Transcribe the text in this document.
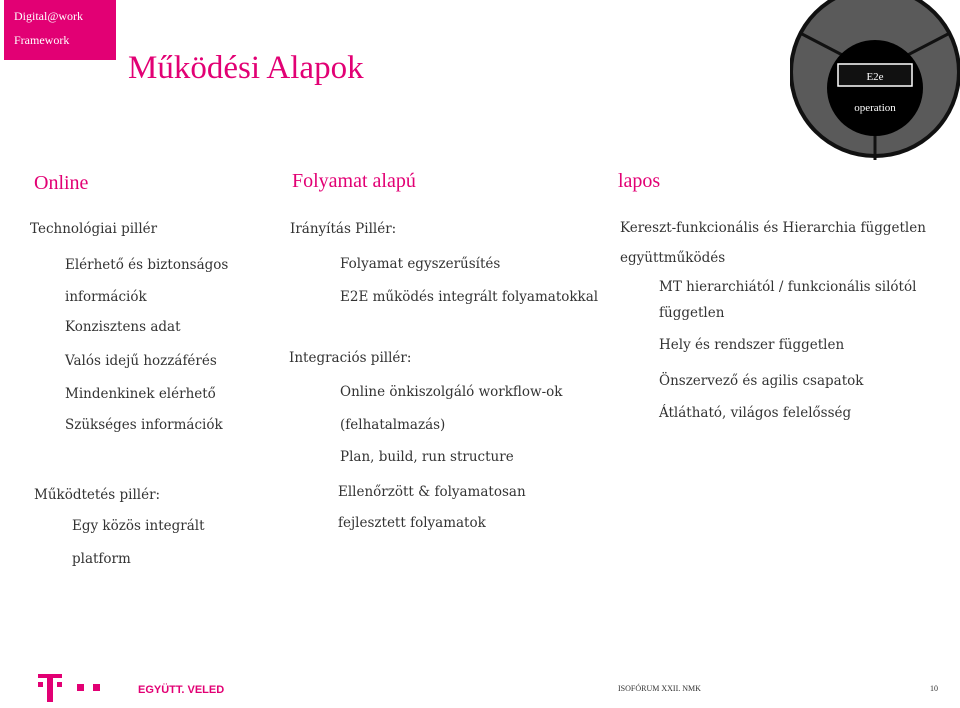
Digital@work
Framework
Működési Alapok	E2e
operation
Online	Folyamat alapú	lapos
Technológiai pillér
Elérhető és biztonságos
információk
Konzisztens adat
Valós idejű hozzáférés
Mindenkinek elérhető
Szükséges információk
Működtetés pillér:
Egy közös integrált
platform
Irányítás Pillér:
Folyamat egyszerűsítés
E2E működés integrált folyamatokkal
Integraciós pillér:
Online önkiszolgáló workflow-ok
(felhatalmazás)
Plan, build, run structure
Ellenőrzött & folyamatosan
fejlesztett folyamatok
Kereszt-funkcionális és Hierarchia független
együttműködés
MT hierarchiától / funkcionális silótól
független
Hely és rendszer független
Önszervező és agilis csapatok
Átlátható, világos felelősség
EGYÜTT. VELED	ISOFÓRUM XXII. NMK	10
